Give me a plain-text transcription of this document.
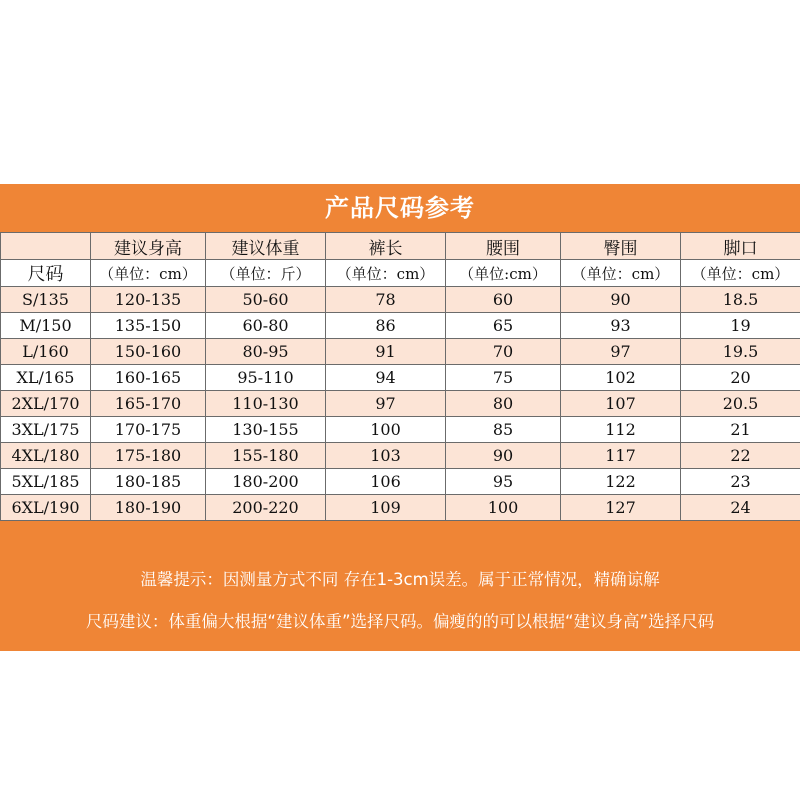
产品尺码参考
	建议身高	建议体重	裤长	腰围	臀围	脚口
尺码	（单位：cm）	（单位：斤）	（单位：cm）	（单位:cm）	（单位：cm）	（单位：cm）
S/135	120-135	50-60	78	60	90	18.5
M/150	135-150	60-80	86	65	93	19
L/160	150-160	80-95	91	70	97	19.5
XL/165	160-165	95-110	94	75	102	20
2XL/170	165-170	110-130	97	80	107	20.5
3XL/175	170-175	130-155	100	85	112	21
4XL/180	175-180	155-180	103	90	117	22
5XL/185	180-185	180-200	106	95	122	23
6XL/190	180-190	200-220	109	100	127	24
温馨提示：因测量方式不同 存在1-3cm误差。属于正常情况，精确谅解
尺码建议：体重偏大根据“建议体重”选择尺码。偏瘦的的可以根据“建议身高”选择尺码
